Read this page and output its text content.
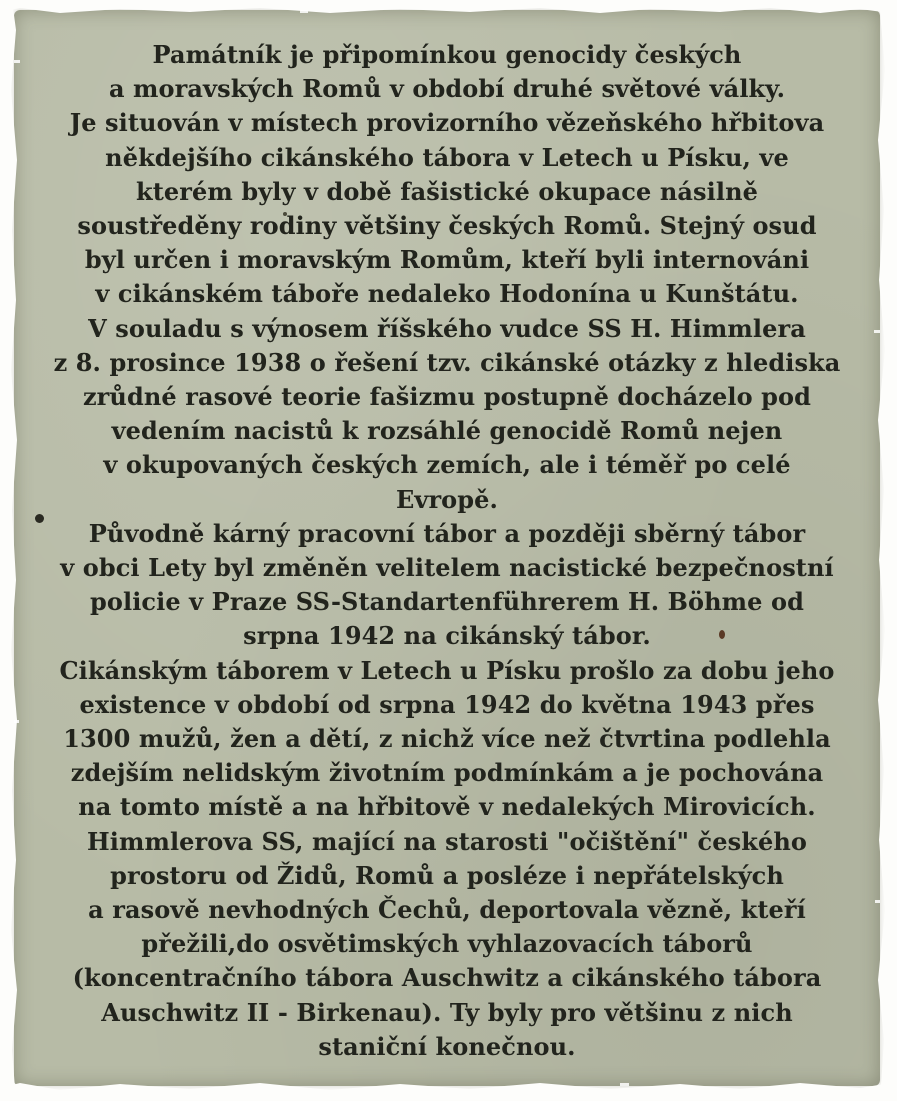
Památník je připomínkou genocidy českých
a moravských Romů v období druhé světové války.
Je situován v místech provizorního vězeňského hřbitova
někdejšího cikánského tábora v Letech u Písku, ve
kterém byly v době fašistické okupace násilně
soustředěny rodiny většiny českých Romů. Stejný osud
byl určen i moravským Romům, kteří byli internováni
v cikánském táboře nedaleko Hodonína u Kunštátu.
V souladu s výnosem říšského vudce SS H. Himmlera
z 8. prosince 1938 o řešení tzv. cikánské otázky z hlediska
zrůdné rasové teorie fašizmu postupně docházelo pod
vedením nacistů k rozsáhlé genocidě Romů nejen
v okupovaných českých zemích, ale i téměř po celé
Evropě.
Původně kárný pracovní tábor a později sběrný tábor
v obci Lety byl změněn velitelem nacistické bezpečnostní
policie v Praze SS-Standartenführerem H. Böhme od
srpna 1942 na cikánský tábor.
Cikánským táborem v Letech u Písku prošlo za dobu jeho
existence v období od srpna 1942 do května 1943 přes
1300 mužů, žen a dětí, z nichž více než čtvrtina podlehla
zdejším nelidským životním podmínkám a je pochována
na tomto místě a na hřbitově v nedalekých Mirovicích.
Himmlerova SS, mající na starosti "očištění" českého
prostoru od Židů, Romů a posléze i nepřátelských
a rasově nevhodných Čechů, deportovala vězně, kteří
přežili,do osvětimských vyhlazovacích táborů
(koncentračního tábora Auschwitz a cikánského tábora
Auschwitz II - Birkenau). Ty byly pro většinu z nich
staniční konečnou.
